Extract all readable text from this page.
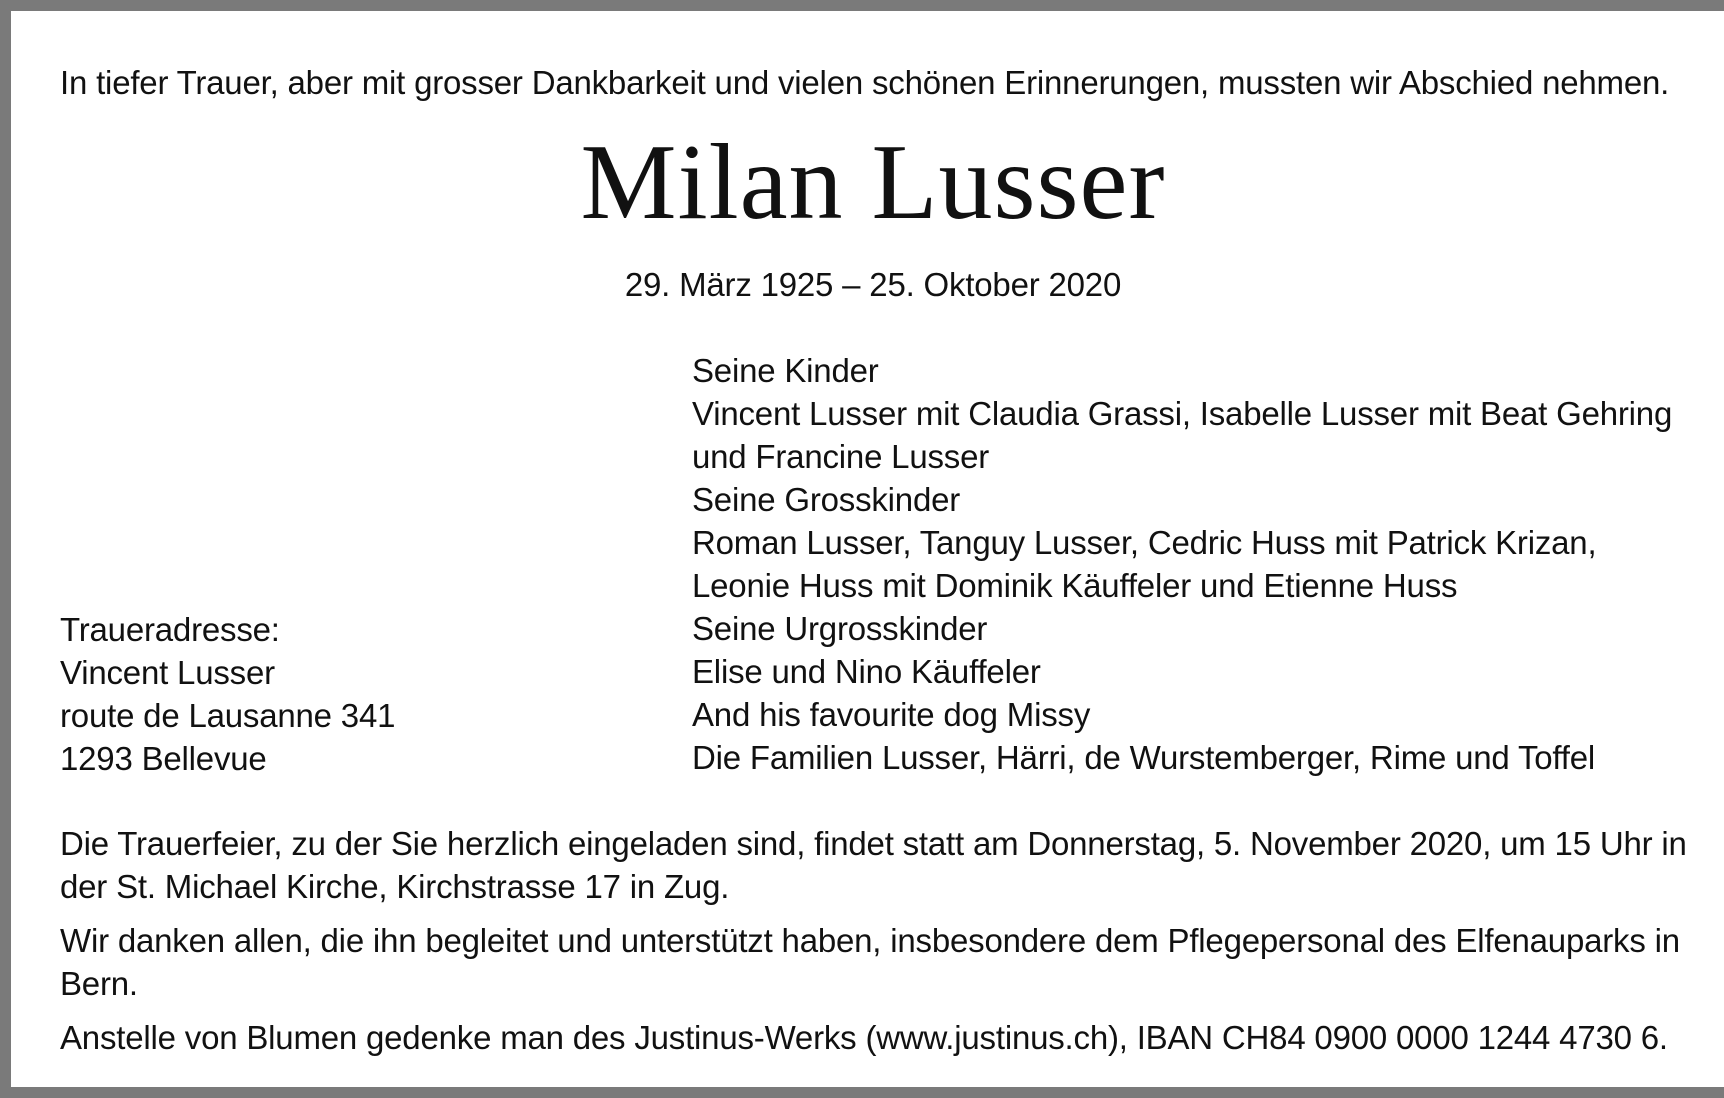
In tiefer Trauer, aber mit grosser Dankbarkeit und vielen schönen Erinnerungen, mussten wir Abschied nehmen.
Milan Lusser
29. März 1925 – 25. Oktober 2020
Seine Kinder
Vincent Lusser mit Claudia Grassi, Isabelle Lusser mit Beat Gehring
und Francine Lusser
Seine Grosskinder
Roman Lusser, Tanguy Lusser, Cedric Huss mit Patrick Krizan,
Leonie Huss mit Dominik Käuffeler und Etienne Huss
Seine Urgrosskinder
Elise und Nino Käuffeler
And his favourite dog Missy
Die Familien Lusser, Härri, de Wurstemberger, Rime und Toffel
Traueradresse:
Vincent Lusser
route de Lausanne 341
1293 Bellevue
Die Trauerfeier, zu der Sie herzlich eingeladen sind, findet statt am Donnerstag, 5. November 2020, um 15 Uhr in der St. Michael Kirche, Kirchstrasse 17 in Zug.
Wir danken allen, die ihn begleitet und unterstützt haben, insbesondere dem Pflegepersonal des Elfenauparks in Bern.
Anstelle von Blumen gedenke man des Justinus-Werks (www.justinus.ch), IBAN CH84 0900 0000 1244 4730 6.
